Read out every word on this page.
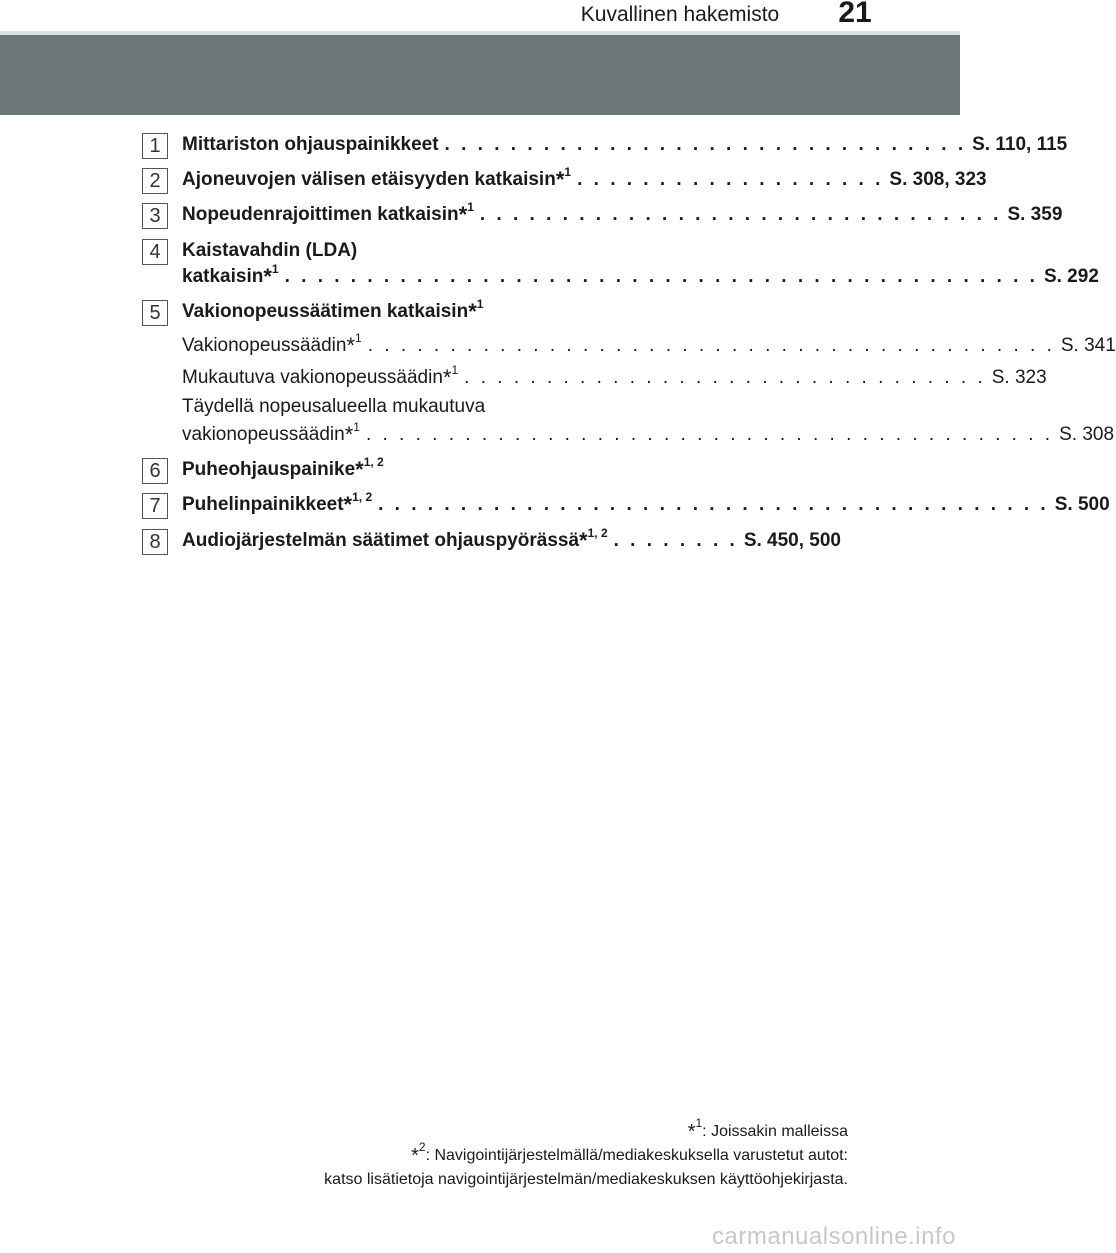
Kuvallinen hakemisto	21
1	Mittariston ohjauspainikkeet . . . . . . . . . . . . . . . . . . . . . . . . . . . . . . . . S. 110, 115
2	Ajoneuvojen välisen etäisyyden katkaisin*$^1$ . . . . . . . . . . . . . . . . . . . S. 308, 323
3	Nopeudenrajoittimen katkaisin*$^1$ . . . . . . . . . . . . . . . . . . . . . . . . . . . . . . . . S. 359
4	Kaistavahdin (LDA)
katkaisin*$^1$ . . . . . . . . . . . . . . . . . . . . . . . . . . . . . . . . . . . . . . . . . . . . . . S. 292
5	Vakionopeussäätimen katkaisin*$^1$
Vakionopeussäädin*$^1$ . . . . . . . . . . . . . . . . . . . . . . . . . . . . . . . . . . . . . . . . . . S. 341
Mukautuva vakionopeussäädin*$^1$ . . . . . . . . . . . . . . . . . . . . . . . . . . . . . . . . S. 323
Täydellä nopeusalueella mukautuva
vakionopeussäädin*$^1$ . . . . . . . . . . . . . . . . . . . . . . . . . . . . . . . . . . . . . . . . . . S. 308
6	Puheohjauspainike*$^{1, 2}$
7	Puhelinpainikkeet*$^{1, 2}$ . . . . . . . . . . . . . . . . . . . . . . . . . . . . . . . . . . . . . . . . . S. 500
8	Audiojärjestelmän säätimet ohjauspyörässä*$^{1, 2}$ . . . . . . . . S. 450, 500
*$^1$: Joissakin malleissa
*$^2$: Navigointijärjestelmällä/mediakeskuksella varustetut autot:
katso lisätietoja navigointijärjestelmän/mediakeskuksen käyttöohjekirjasta.
carmanualsonline.info
